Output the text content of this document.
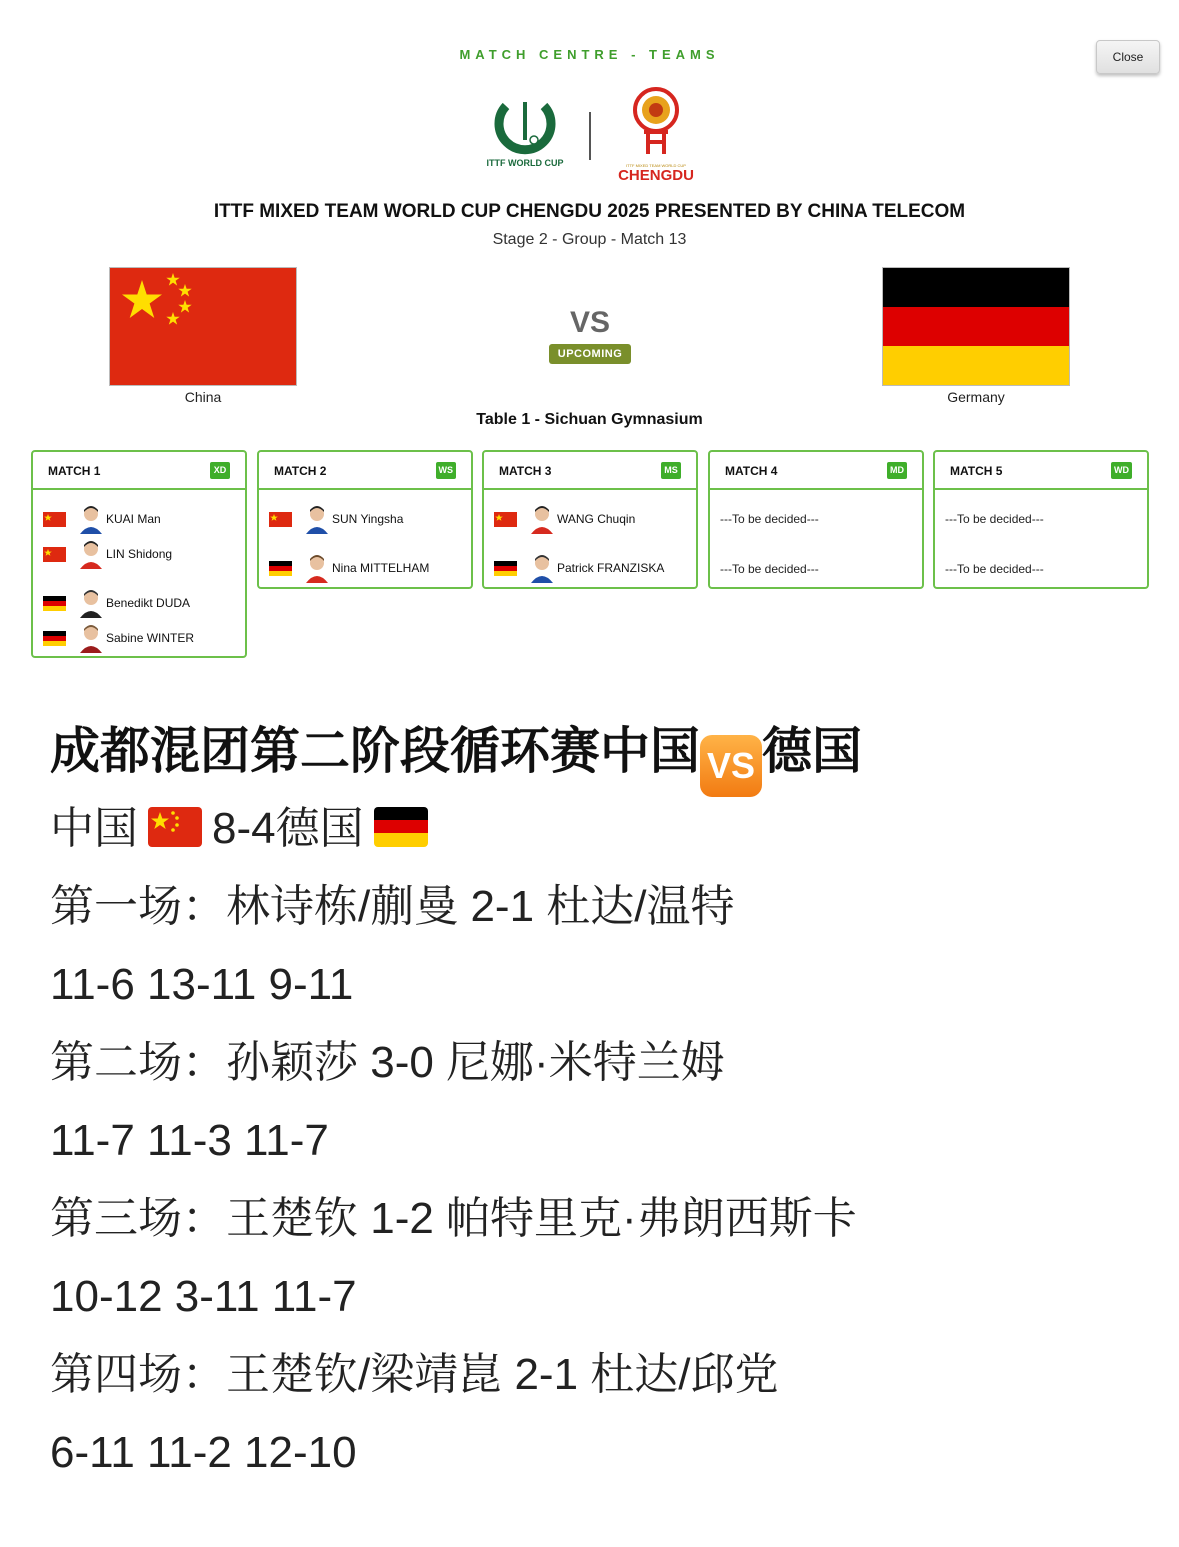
MATCH CENTRE - TEAMS	Close
ITTF WORLD CUP	ITTF MIXED TEAM WORLD CUP
CHENGDU
ITTF MIXED TEAM WORLD CUP CHENGDU 2025 PRESENTED BY CHINA TELECOM
Stage 2 - Group - Match 13
China
VS
UPCOMING
Germany
Table 1 - Sichuan Gymnasium
MATCH 1	XD
KUAI Man
LIN Shidong
Benedikt DUDA
Sabine WINTER
MATCH 2	WS
SUN Yingsha
Nina MITTELHAM
MATCH 3	MS
WANG Chuqin
Patrick FRANZISKA
MATCH 4	MD
---To be decided---
---To be decided---
MATCH 5	WD
---To be decided---
---To be decided---
成都混团第二阶段循环赛中国 VS 德国
中国 8-4德国
第一场：林诗栋/蒯曼 2-1 杜达/温特
11-6 13-11 9-11
第二场：孙颖莎 3-0 尼娜·米特兰姆
11-7 11-3 11-7
第三场：王楚钦 1-2 帕特里克·弗朗西斯卡
10-12 3-11 11-7
第四场：王楚钦/梁靖崑 2-1 杜达/邱党
6-11 11-2 12-10
